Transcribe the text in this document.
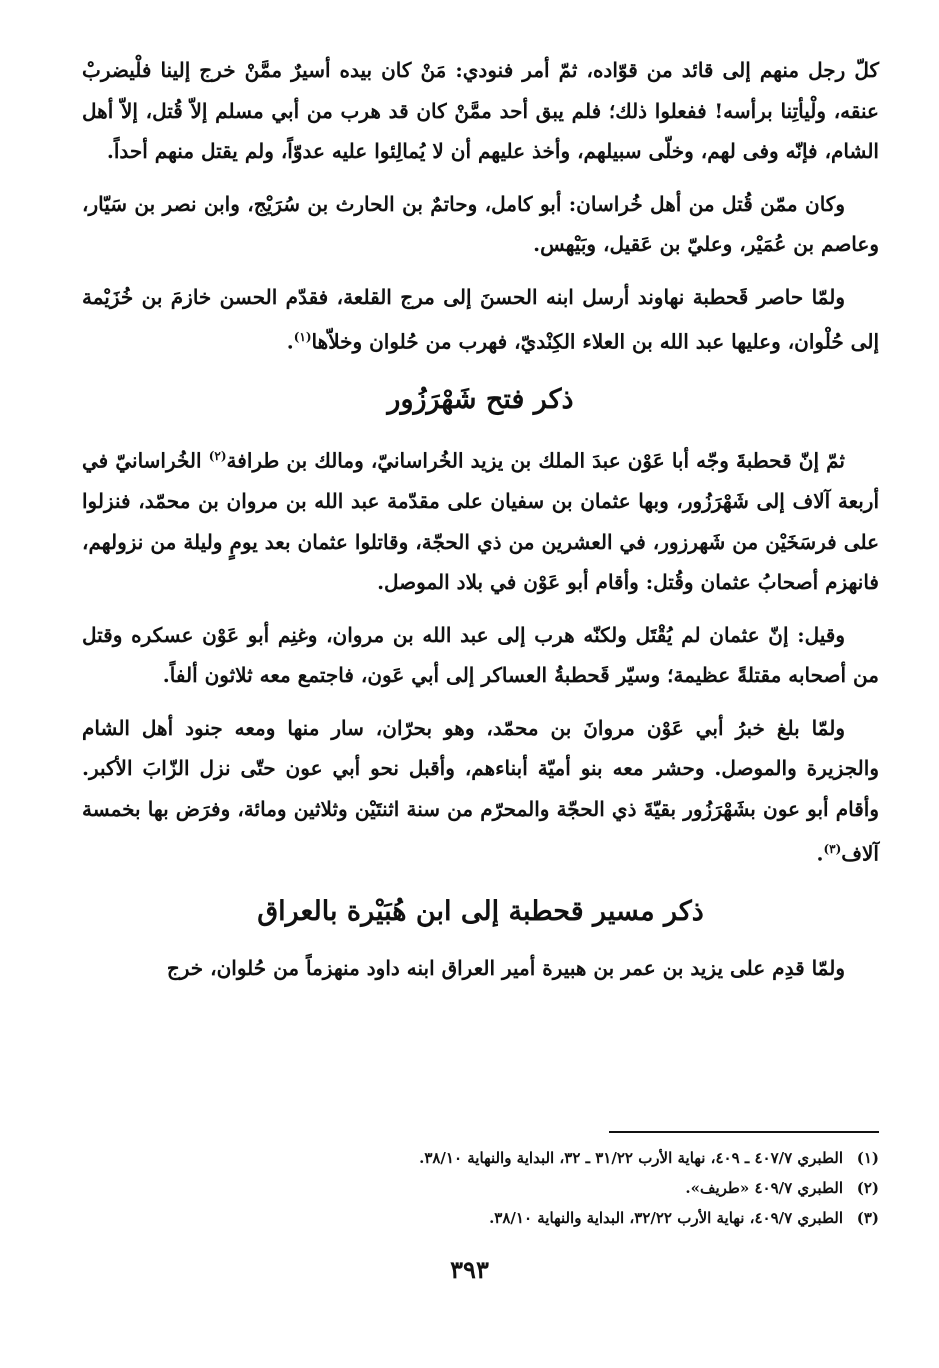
كلّ رجل منهم إلى قائد من قوّاده، ثمّ أمر فنودي: مَنْ كان بيده أسيرٌ ممَّنْ خرج إلينا فلْيضربْ عنقه، ولْيأتِنا برأسه! ففعلوا ذلك؛ فلم يبق أحد ممَّنْ كان قد هرب من أبي مسلم إلاّ قُتل، إلاّ أهل الشام، فإنّه وفى لهم، وخلّى سبيلهم، وأخذ عليهم أن لا يُمالِئوا عليه عدوّاً، ولم يقتل منهم أحداً.

وكان ممّن قُتل من أهل خُراسان: أبو كامل، وحاتمٌ بن الحارث بن سُرَيْج، وابن نصر بن سَيّار، وعاصم بن عُمَيْر، وعليّ بن عَقيل، وبَيْهس.

ولمّا حاصر قَحطبة نهاوند أرسل ابنه الحسنَ إلى مرج القلعة، فقدّم الحسن خازمَ بن خُزَيْمة إلى حُلْوان، وعليها عبد الله بن العلاء الكِنْديّ، فهرب من حُلوان وخلاّها$^{(١)}$.

ذكر فتح شَهْرَزُور

ثمّ إنّ قحطبةَ وجّه أبا عَوْن عبدَ الملك بن يزيد الخُراسانيّ، ومالك بن طرافة$^{(٢)}$ الخُراسانيّ في أربعة آلاف إلى شَهْرَزُور، وبها عثمان بن سفيان على مقدّمة عبد الله بن مروان بن محمّد، فنزلوا على فرسَخَيْن من شَهرزور، في العشرين من ذي الحجّة، وقاتلوا عثمان بعد يومٍ وليلة من نزولهم، فانهزم أصحابُ عثمان وقُتل: وأقام أبو عَوْن في بلاد الموصل.

وقيل: إنّ عثمان لم يُقْتَل ولكنّه هرب إلى عبد الله بن مروان، وغنِم أبو عَوْن عسكره وقتل من أصحابه مقتلةً عظيمة؛ وسيّر قَحطبةُ العساكر إلى أبي عَون، فاجتمع معه ثلاثون ألفاً.

ولمّا بلغ خبرُ أبي عَوْن مروانَ بن محمّد، وهو بحرّان، سار منها ومعه جنود أهل الشام والجزيرة والموصل. وحشر معه بنو أميّة أبناءهم، وأقبل نحو أبي عون حتّى نزل الزّابَ الأكبر. وأقام أبو عون بشَهْرَزُور بقيّةَ ذي الحجّة والمحرّم من سنة اثنتَيْن وثلاثين ومائة، وفرَض بها بخمسة آلاف$^{(٣)}$.

ذكر مسير قحطبة إلى ابن هُبَيْرة بالعراق

ولمّا قدِم على يزيد بن عمر بن هبيرة أمير العراق ابنه داود منهزماً من حُلوان، خرج

(١)
الطبري ٤٠٧/٧ ـ ٤٠٩، نهاية الأرب ٣١/٢٢ ـ ٣٢، البداية والنهاية ٣٨/١٠.

(٢)
الطبري ٤٠٩/٧ «طريف».

(٣)
الطبري ٤٠٩/٧، نهاية الأرب ٣٢/٢٢، البداية والنهاية ٣٨/١٠.

٣٩٣
